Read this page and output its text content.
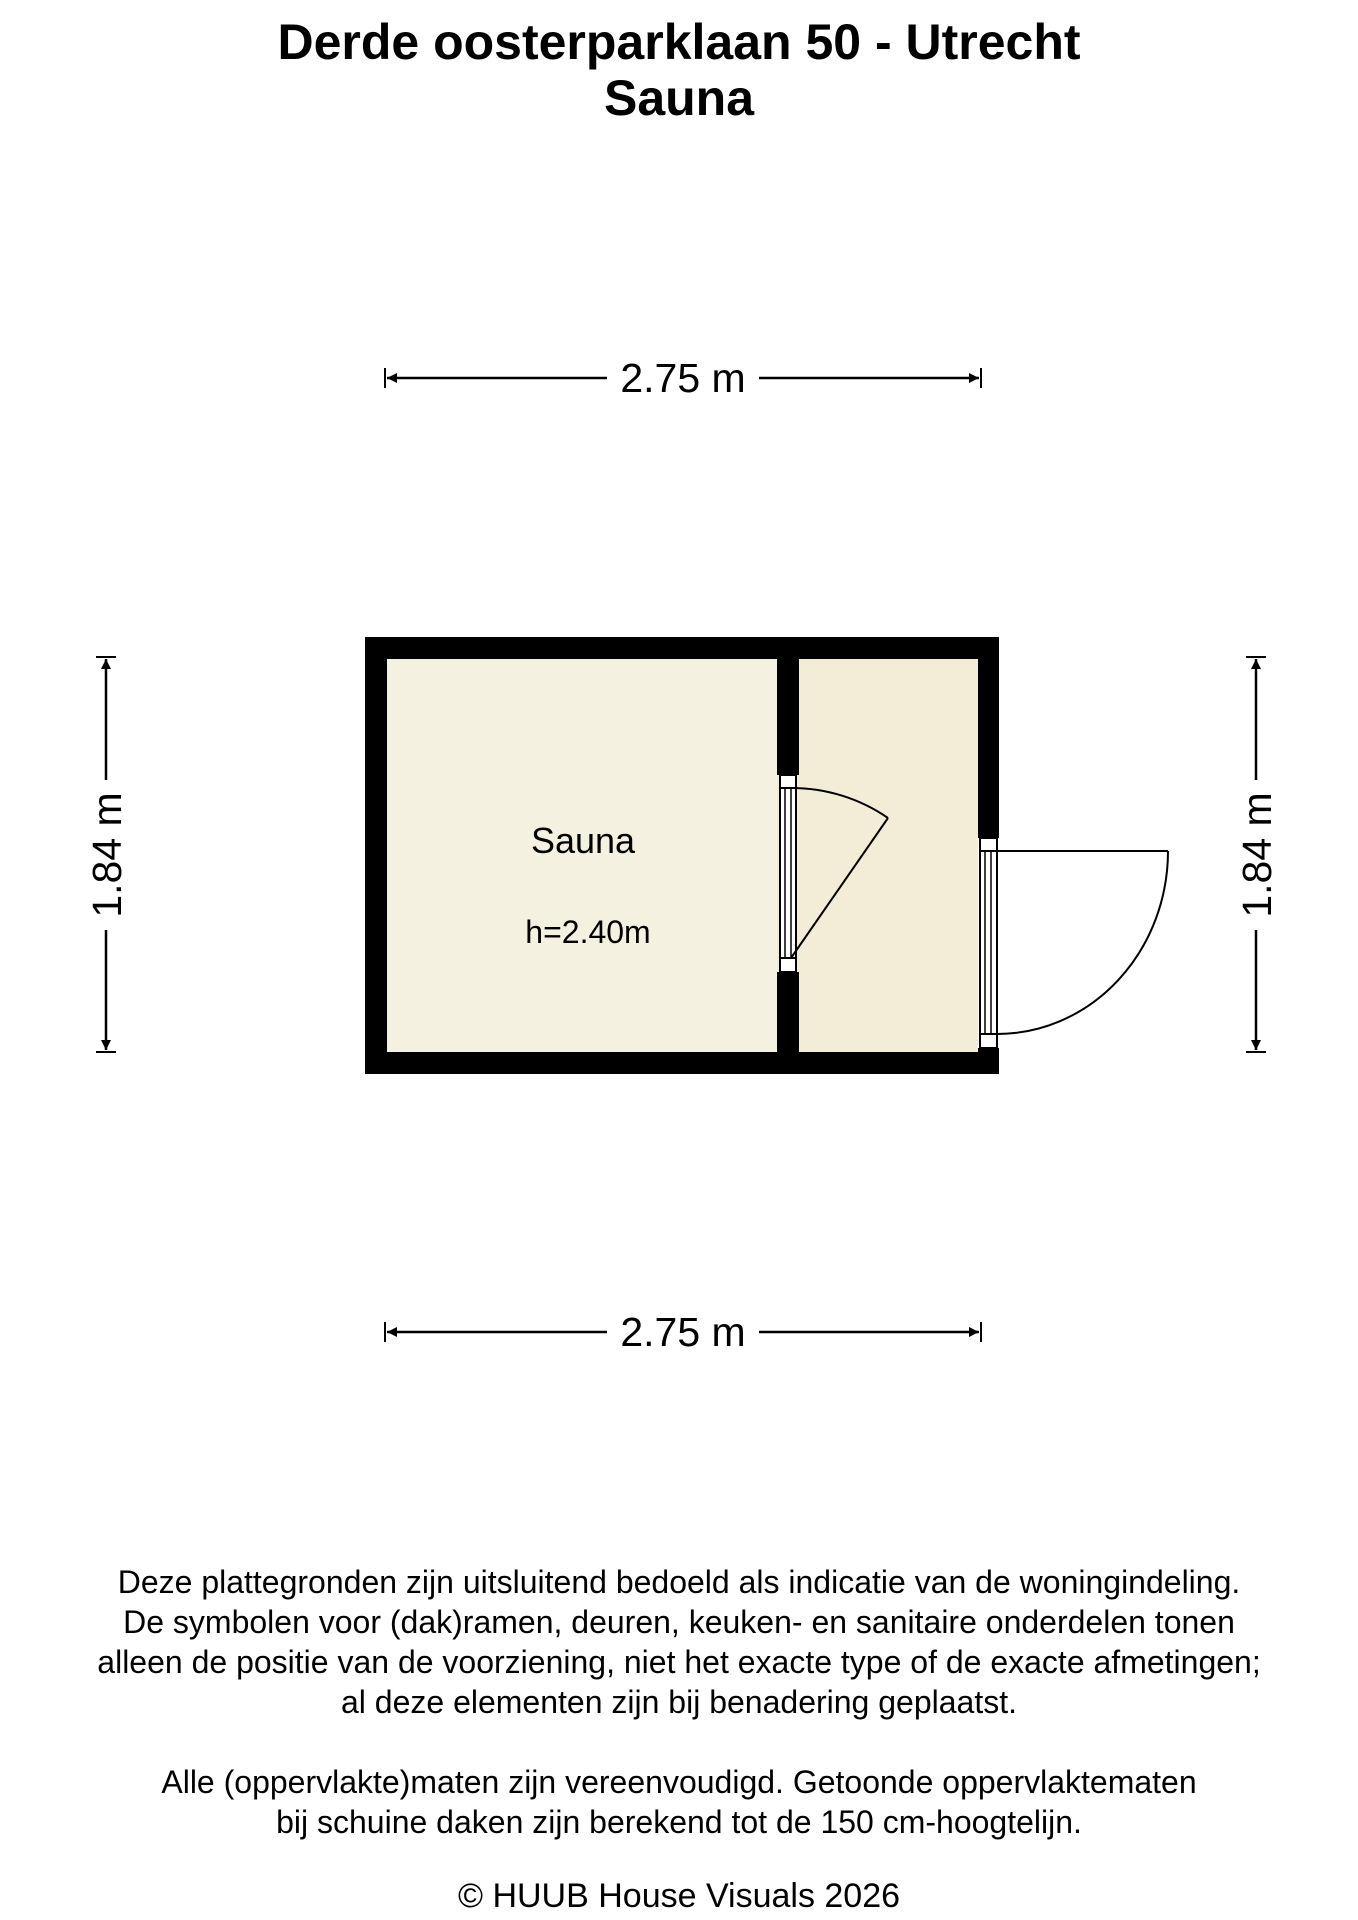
Derde oosterparklaan 50 - Utrecht

Sauna

2.75 m
2.75 m
1.84 m	1.84 m
Sauna
h=2.40m

Deze plattegronden zijn uitsluitend bedoeld als indicatie van de woningindeling.
De symbolen voor (dak)ramen, deuren, keuken- en sanitaire onderdelen tonen
alleen de positie van de voorziening, niet het exacte type of de exacte afmetingen;
al deze elementen zijn bij benadering geplaatst.

Alle (oppervlakte)maten zijn vereenvoudigd. Getoonde oppervlaktematen
bij schuine daken zijn berekend tot de 150 cm-hoogtelijn.

© HUUB House Visuals 2026
